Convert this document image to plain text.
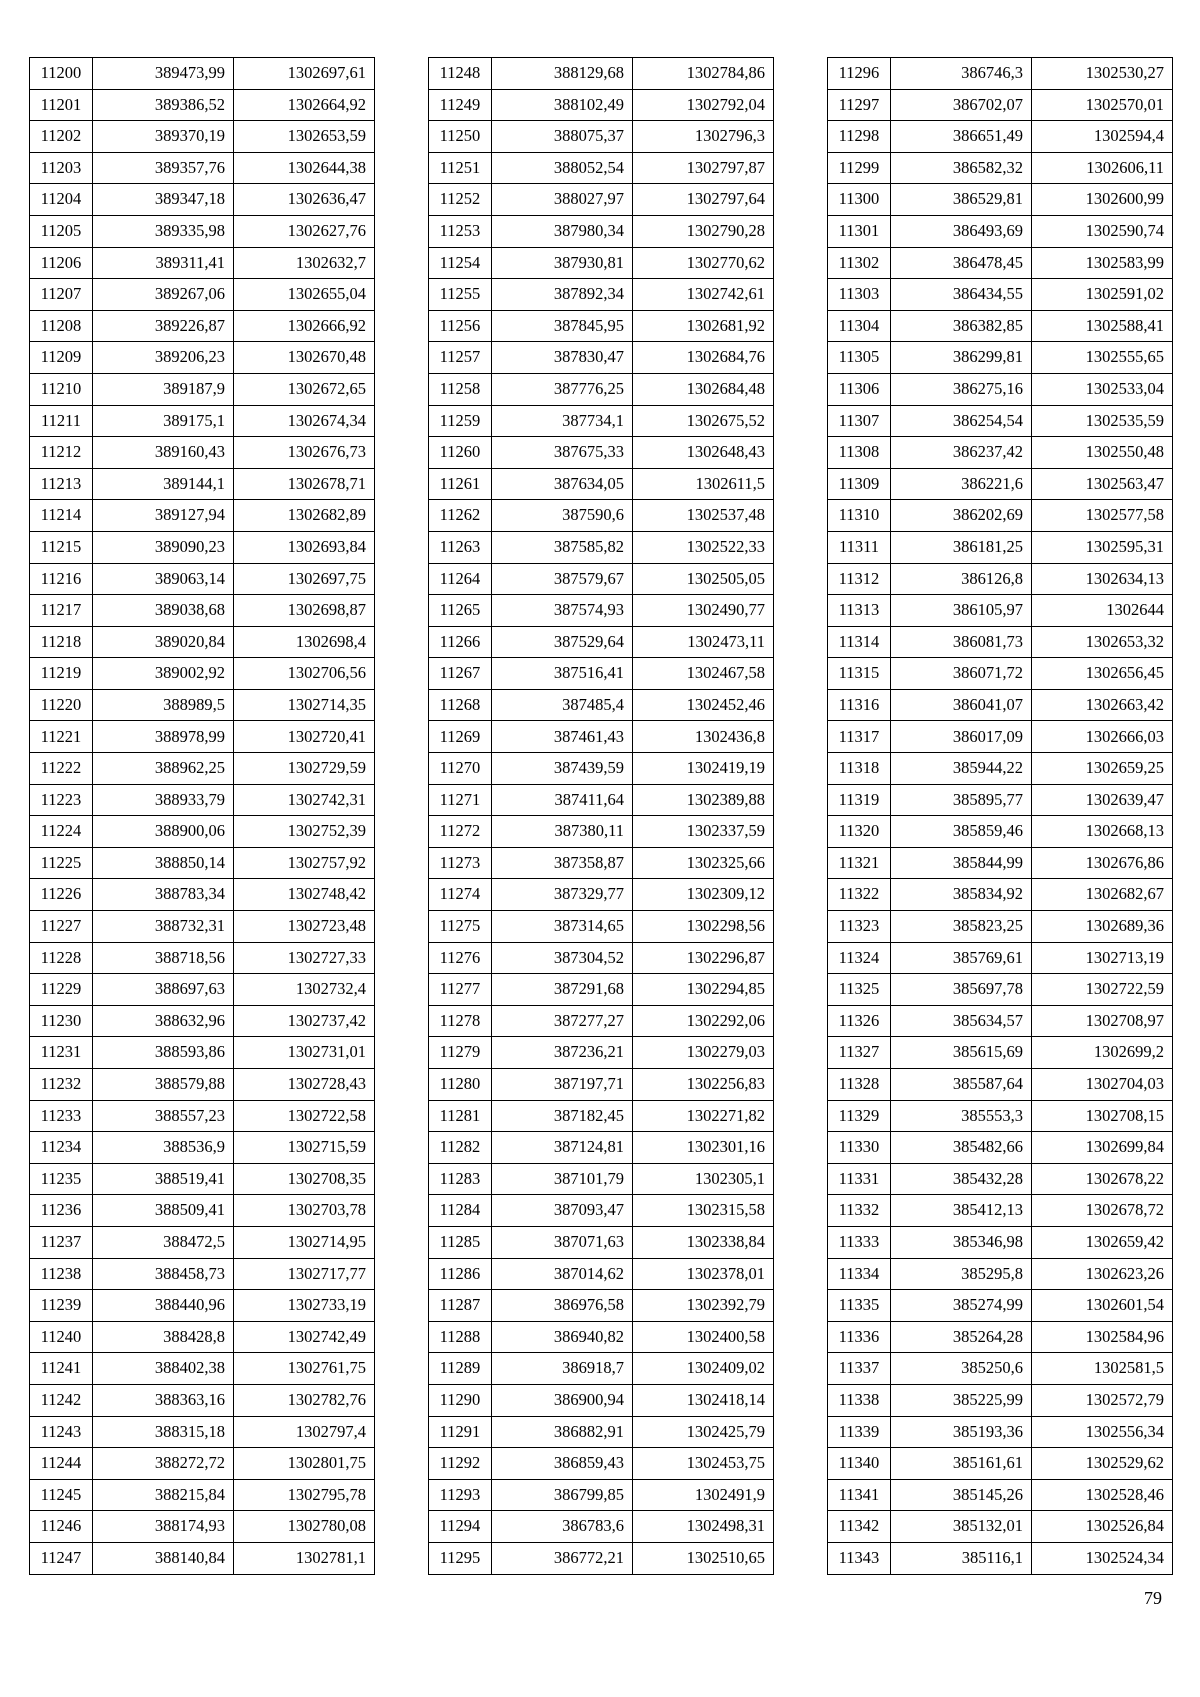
11200	389473,99	1302697,61
11201	389386,52	1302664,92
11202	389370,19	1302653,59
11203	389357,76	1302644,38
11204	389347,18	1302636,47
11205	389335,98	1302627,76
11206	389311,41	1302632,7
11207	389267,06	1302655,04
11208	389226,87	1302666,92
11209	389206,23	1302670,48
11210	389187,9	1302672,65
11211	389175,1	1302674,34
11212	389160,43	1302676,73
11213	389144,1	1302678,71
11214	389127,94	1302682,89
11215	389090,23	1302693,84
11216	389063,14	1302697,75
11217	389038,68	1302698,87
11218	389020,84	1302698,4
11219	389002,92	1302706,56
11220	388989,5	1302714,35
11221	388978,99	1302720,41
11222	388962,25	1302729,59
11223	388933,79	1302742,31
11224	388900,06	1302752,39
11225	388850,14	1302757,92
11226	388783,34	1302748,42
11227	388732,31	1302723,48
11228	388718,56	1302727,33
11229	388697,63	1302732,4
11230	388632,96	1302737,42
11231	388593,86	1302731,01
11232	388579,88	1302728,43
11233	388557,23	1302722,58
11234	388536,9	1302715,59
11235	388519,41	1302708,35
11236	388509,41	1302703,78
11237	388472,5	1302714,95
11238	388458,73	1302717,77
11239	388440,96	1302733,19
11240	388428,8	1302742,49
11241	388402,38	1302761,75
11242	388363,16	1302782,76
11243	388315,18	1302797,4
11244	388272,72	1302801,75
11245	388215,84	1302795,78
11246	388174,93	1302780,08
11247	388140,84	1302781,1
11248	388129,68	1302784,86
11249	388102,49	1302792,04
11250	388075,37	1302796,3
11251	388052,54	1302797,87
11252	388027,97	1302797,64
11253	387980,34	1302790,28
11254	387930,81	1302770,62
11255	387892,34	1302742,61
11256	387845,95	1302681,92
11257	387830,47	1302684,76
11258	387776,25	1302684,48
11259	387734,1	1302675,52
11260	387675,33	1302648,43
11261	387634,05	1302611,5
11262	387590,6	1302537,48
11263	387585,82	1302522,33
11264	387579,67	1302505,05
11265	387574,93	1302490,77
11266	387529,64	1302473,11
11267	387516,41	1302467,58
11268	387485,4	1302452,46
11269	387461,43	1302436,8
11270	387439,59	1302419,19
11271	387411,64	1302389,88
11272	387380,11	1302337,59
11273	387358,87	1302325,66
11274	387329,77	1302309,12
11275	387314,65	1302298,56
11276	387304,52	1302296,87
11277	387291,68	1302294,85
11278	387277,27	1302292,06
11279	387236,21	1302279,03
11280	387197,71	1302256,83
11281	387182,45	1302271,82
11282	387124,81	1302301,16
11283	387101,79	1302305,1
11284	387093,47	1302315,58
11285	387071,63	1302338,84
11286	387014,62	1302378,01
11287	386976,58	1302392,79
11288	386940,82	1302400,58
11289	386918,7	1302409,02
11290	386900,94	1302418,14
11291	386882,91	1302425,79
11292	386859,43	1302453,75
11293	386799,85	1302491,9
11294	386783,6	1302498,31
11295	386772,21	1302510,65
11296	386746,3	1302530,27
11297	386702,07	1302570,01
11298	386651,49	1302594,4
11299	386582,32	1302606,11
11300	386529,81	1302600,99
11301	386493,69	1302590,74
11302	386478,45	1302583,99
11303	386434,55	1302591,02
11304	386382,85	1302588,41
11305	386299,81	1302555,65
11306	386275,16	1302533,04
11307	386254,54	1302535,59
11308	386237,42	1302550,48
11309	386221,6	1302563,47
11310	386202,69	1302577,58
11311	386181,25	1302595,31
11312	386126,8	1302634,13
11313	386105,97	1302644
11314	386081,73	1302653,32
11315	386071,72	1302656,45
11316	386041,07	1302663,42
11317	386017,09	1302666,03
11318	385944,22	1302659,25
11319	385895,77	1302639,47
11320	385859,46	1302668,13
11321	385844,99	1302676,86
11322	385834,92	1302682,67
11323	385823,25	1302689,36
11324	385769,61	1302713,19
11325	385697,78	1302722,59
11326	385634,57	1302708,97
11327	385615,69	1302699,2
11328	385587,64	1302704,03
11329	385553,3	1302708,15
11330	385482,66	1302699,84
11331	385432,28	1302678,22
11332	385412,13	1302678,72
11333	385346,98	1302659,42
11334	385295,8	1302623,26
11335	385274,99	1302601,54
11336	385264,28	1302584,96
11337	385250,6	1302581,5
11338	385225,99	1302572,79
11339	385193,36	1302556,34
11340	385161,61	1302529,62
11341	385145,26	1302528,46
11342	385132,01	1302526,84
11343	385116,1	1302524,34
79
